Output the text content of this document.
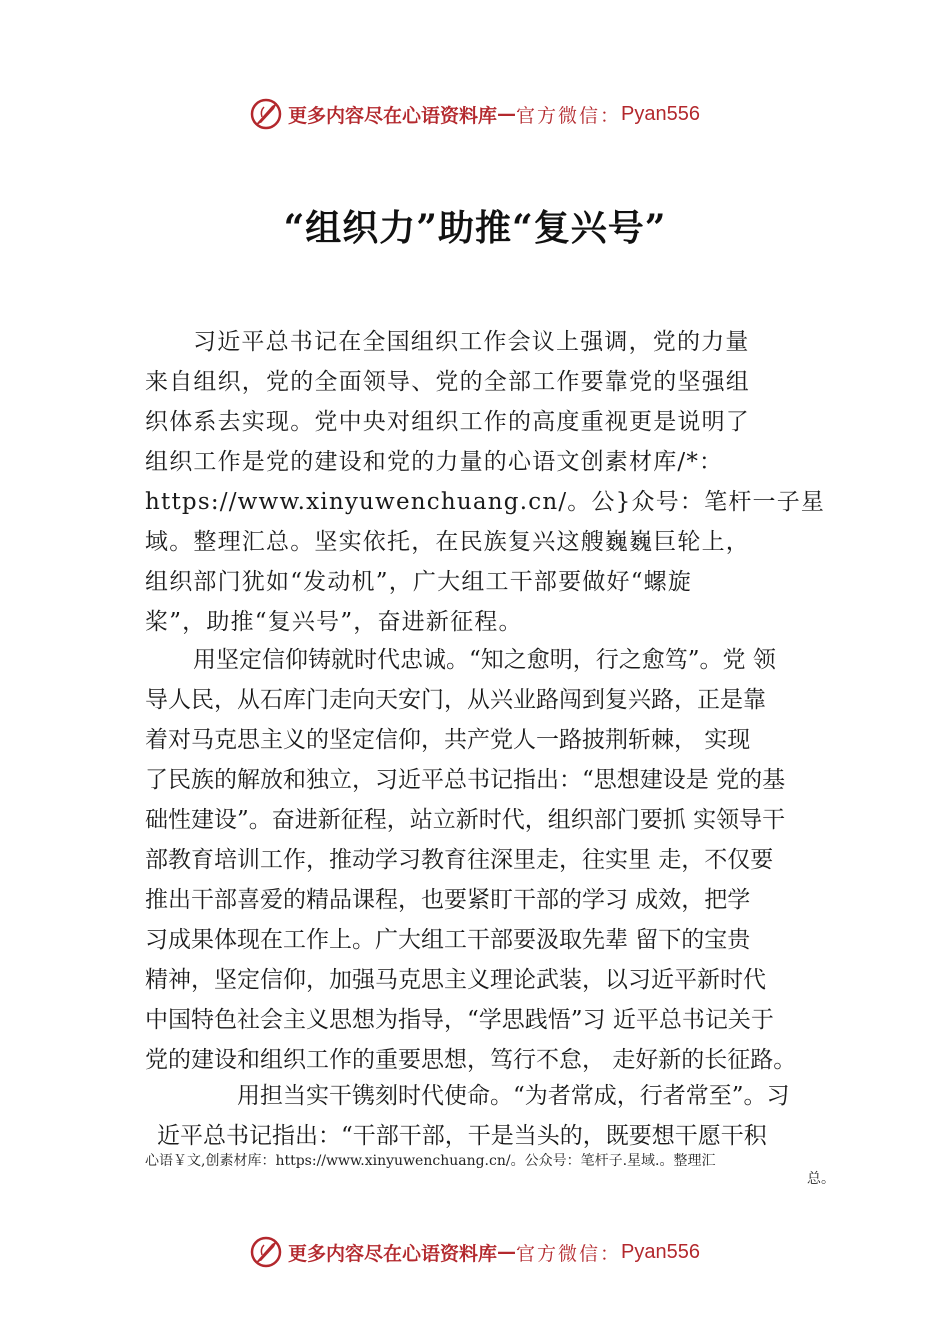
更多内容尽在心语资料库 — 官方微信： Pyan556
“组织力”助推“复兴号”
习近平总书记在全国组织工作会议上强调，党的力量
来自组织，党的全面领导、党的全部工作要靠党的坚强组
织体系去实现。党中央对组织工作的高度重视更是说明了
组织工作是党的建设和党的力量的心语文创素材库/*：
https://www.xinyuwenchuang.cn/。公}众号：笔杆一子星
域。整理汇总。坚实依托，在民族复兴这艘巍巍巨轮上，
组织部门犹如“发动机”，广大组工干部要做好“螺旋
桨”，助推“复兴号”，奋进新征程。
用坚定信仰铸就时代忠诚。“知之愈明，行之愈笃”。党 领
导人民，从石库门走向天安门，从兴业路闯到复兴路，正是靠
着对马克思主义的坚定信仰，共产党人一路披荆斩棘， 实现
了民族的解放和独立，习近平总书记指出：“思想建设是 党的基
础性建设”。奋进新征程，站立新时代，组织部门要抓 实领导干
部教育培训工作，推动学习教育往深里走，往实里 走，不仅要
推出干部喜爱的精品课程，也要紧盯干部的学习 成效，把学
习成果体现在工作上。广大组工干部要汲取先辈 留下的宝贵
精神，坚定信仰，加强马克思主义理论武装，以习近平新时代
中国特色社会主义思想为指导，“学思践悟”习 近平总书记关于
党的建设和组织工作的重要思想，笃行不怠， 走好新的长征路。
用担当实干镌刻时代使命。“为者常成，行者常至”。习
近平总书记指出：“干部干部，干是当头的，既要想干愿干积
心语￥文,创素材库：https://www.xinyuwenchuang.cn/。公众号：笔杆子.星域.。整理汇
总。
更多内容尽在心语资料库 — 官方微信： Pyan556
